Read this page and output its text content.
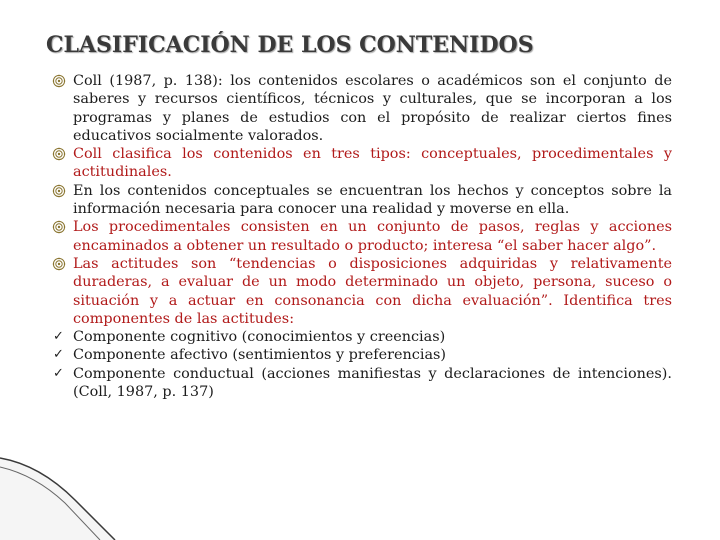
CLASIFICACIÓN DE LOS CONTENIDOS
Coll (1987, p. 138): los contenidos escolares o académicos son el conjunto de saberes y recursos científicos, técnicos y culturales, que se incorporan a los programas y planes de estudios con el propósito de realizar ciertos fines educativos socialmente valorados.
Coll clasifica los contenidos en tres tipos: conceptuales, procedimentales y actitudinales.
En los contenidos conceptuales se encuentran los hechos y conceptos sobre la información necesaria para conocer una realidad y moverse en ella.
Los procedimentales consisten en un conjunto de pasos, reglas y acciones encaminados a obtener un resultado o producto; interesa “el saber hacer algo”.
Las actitudes son “tendencias o disposiciones adquiridas y relativamente duraderas, a evaluar de un modo determinado un objeto, persona, suceso o situación y a actuar en consonancia con dicha evaluación”. Identifica tres componentes de las actitudes:
✓ Componente cognitivo (conocimientos y creencias)
✓ Componente afectivo (sentimientos y preferencias)
✓ Componente conductual (acciones manifiestas y declaraciones de intenciones). (Coll, 1987, p. 137)
